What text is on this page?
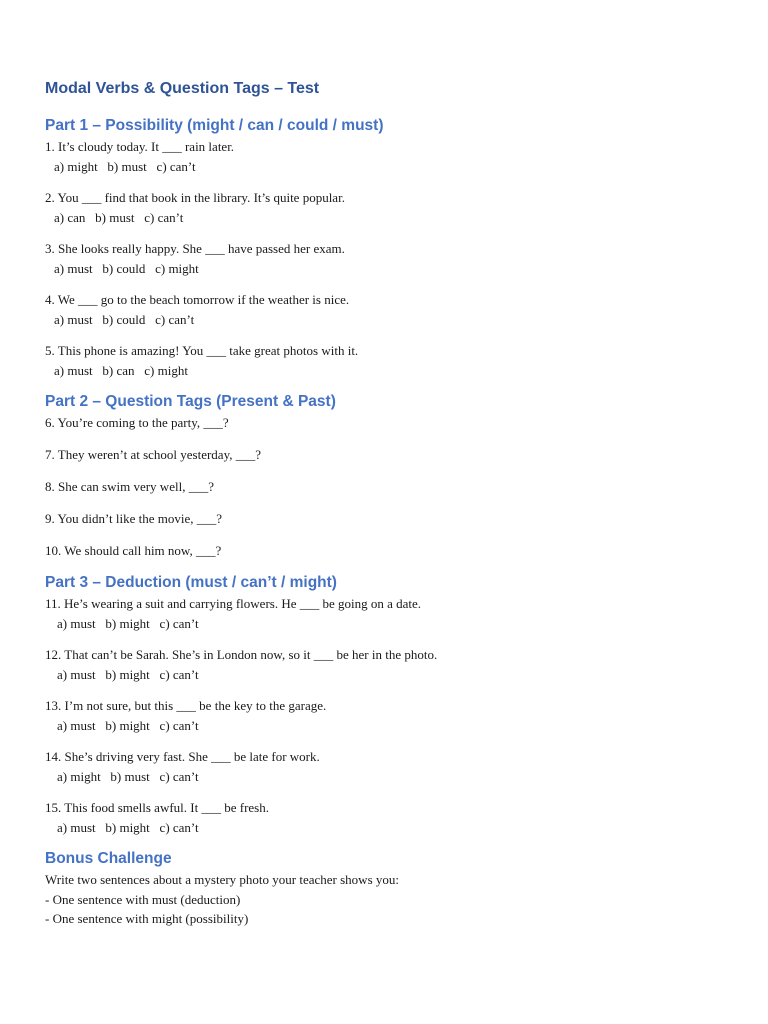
Modal Verbs & Question Tags – Test
Part 1 – Possibility (might / can / could / must)
1. It’s cloudy today. It ___ rain later.
a) might   b) must   c) can’t
2. You ___ find that book in the library. It’s quite popular.
a) can   b) must   c) can’t
3. She looks really happy. She ___ have passed her exam.
a) must   b) could   c) might
4. We ___ go to the beach tomorrow if the weather is nice.
a) must   b) could   c) can’t
5. This phone is amazing! You ___ take great photos with it.
a) must   b) can   c) might
Part 2 – Question Tags (Present & Past)
6. You’re coming to the party, ___?
7. They weren’t at school yesterday, ___?
8. She can swim very well, ___?
9. You didn’t like the movie, ___?
10. We should call him now, ___?
Part 3 – Deduction (must / can’t / might)
11. He’s wearing a suit and carrying flowers. He ___ be going on a date.
a) must   b) might   c) can’t
12. That can’t be Sarah. She’s in London now, so it ___ be her in the photo.
a) must   b) might   c) can’t
13. I’m not sure, but this ___ be the key to the garage.
a) must   b) might   c) can’t
14. She’s driving very fast. She ___ be late for work.
a) might   b) must   c) can’t
15. This food smells awful. It ___ be fresh.
a) must   b) might   c) can’t
Bonus Challenge
Write two sentences about a mystery photo your teacher shows you:
- One sentence with must (deduction)
- One sentence with might (possibility)
